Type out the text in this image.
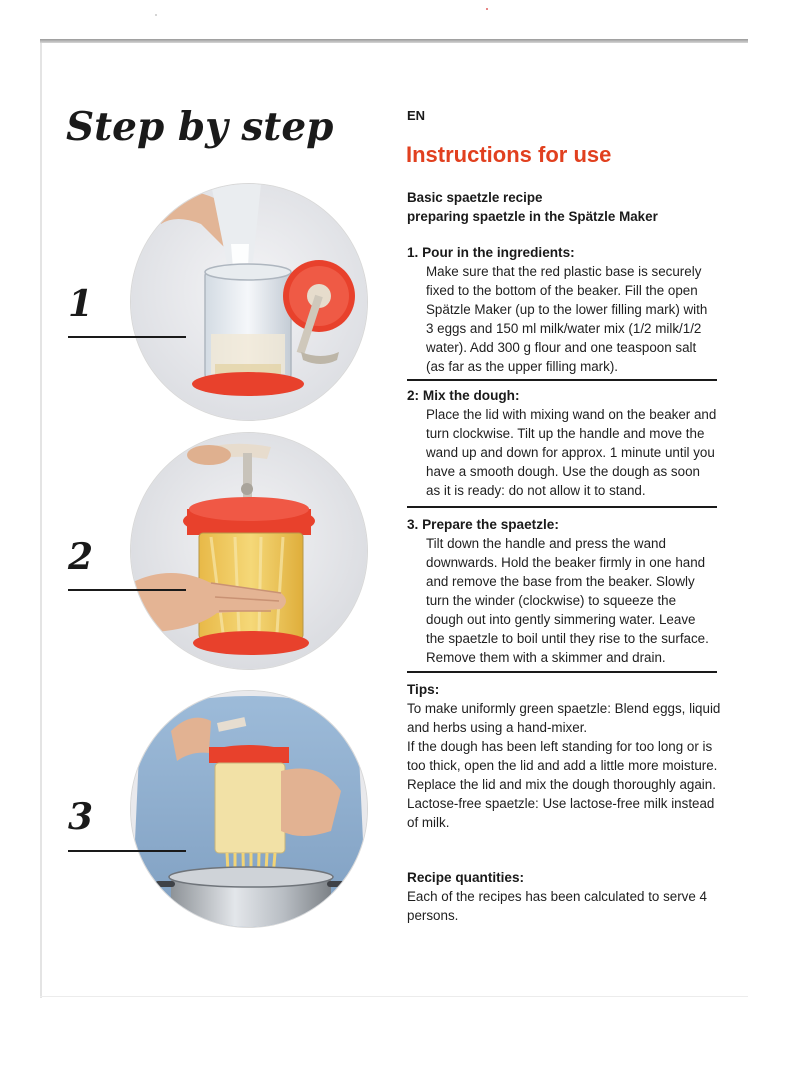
Step by step
1
2
3
EN
Instructions for use
Basic spaetzle recipe
preparing spaetzle in the Spätzle Maker
1. Pour in the ingredients:
Make sure that the red plastic base is securely fixed to the bottom of the beaker. Fill the open Spätzle Maker (up to the lower filling mark) with 3 eggs and 150 ml milk/water mix (1/2 milk/1/2 water). Add 300 g flour and one teaspoon salt (as far as the upper filling mark).
2: Mix the dough:
Place the lid with mixing wand on the beaker and turn clockwise. Tilt up the handle and move the wand up and down for approx. 1 minute until you have a smooth dough. Use the dough as soon as it is ready: do not allow it to stand.
3. Prepare the spaetzle:
Tilt down the handle and press the wand downwards. Hold the beaker firmly in one hand and remove the base from the beaker. Slowly turn the winder (clockwise) to squeeze the dough out into gently simmering water. Leave the spaetzle to boil until they rise to the surface. Remove them with a skimmer and drain.
Tips:
To make uniformly green spaetzle: Blend eggs, liquid and herbs using a hand-mixer.
If the dough has been left standing for too long or is too thick, open the lid and add a little more moisture. Replace the lid and mix the dough thoroughly again.
Lactose-free spaetzle: Use lactose-free milk instead of milk.
Recipe quantities:
Each of the recipes has been calculated to serve 4 persons.
